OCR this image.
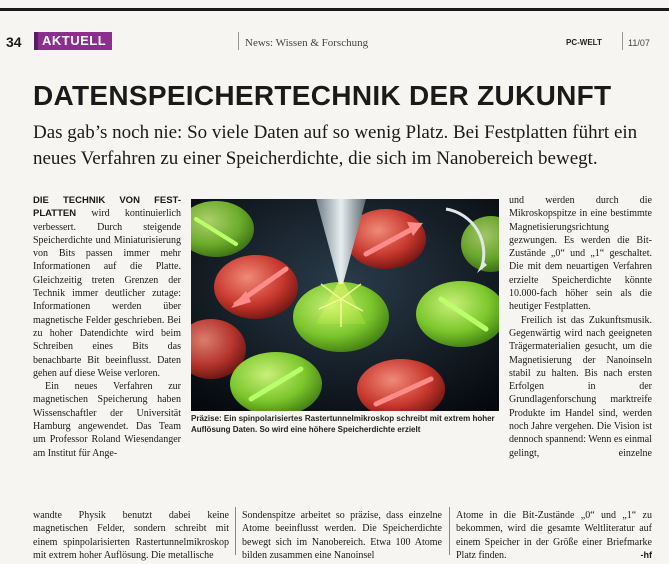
34	AKTUELL	News: Wissen & Forschung	PC-WELT	11/07
DATENSPEICHERTECHNIK DER ZUKUNFT
Das gab’s noch nie: So viele Daten auf so wenig Platz. Bei Festplatten führt ein neues Verfahren zu einer Speicherdichte, die sich im Nanobereich bewegt.

DIE TECHNIK VON FEST-PLATTEN wird kontinuierlich verbessert. Durch steigende Speicherdichte und Miniaturisierung von Bits passen immer mehr Informationen auf die Platte. Gleichzeitig treten Grenzen der Technik immer deutlicher zutage: Informationen werden über magnetische Felder geschrieben. Bei zu hoher Datendichte wird beim Schreiben eines Bits das benachbarte Bit beeinflusst. Daten gehen auf diese Weise verloren.

Ein neues Verfahren zur magnetischen Speicherung haben Wissenschaftler der Universität Hamburg angewendet. Das Team um Professor Roland Wiesendanger am Institut für Ange-

Präzise: Ein spinpolarisiertes Rastertunnelmikroskop schreibt mit extrem hoher Auflösung Daten. So wird eine höhere Speicherdichte erzielt

und werden durch die Mikroskopspitze in eine bestimmte Magnetisierungsrichtung gezwungen. Es werden die Bit-Zustände „0“ und „1“ geschaltet. Die mit dem neuartigen Verfahren erzielte Speicherdichte könnte 10.000-fach höher sein als die heutiger Festplatten.

Freilich ist das Zukunftsmusik. Gegenwärtig wird nach geeigneten Trägermaterialien gesucht, um die Magnetisierung der Nanoinseln stabil zu halten. Bis nach ersten Erfolgen in der Grundlagenforschung marktreife Produkte im Handel sind, werden noch Jahre vergehen. Die Vision ist dennoch spannend: Wenn es einmal gelingt, einzelne

wandte Physik benutzt dabei keine magnetischen Felder, sondern schreibt mit einem spinpolarisierten Rastertunnelmikroskop mit extrem hoher Auflösung. Die metallische
Sondenspitze arbeitet so präzise, dass einzelne Atome beeinflusst werden. Die Speicherdichte bewegt sich im Nanobereich. Etwa 100 Atome bilden zusammen eine Nanoinsel
Atome in die Bit-Zustände „0“ und „1“ zu bekommen, wird die gesamte Weltliteratur auf einem Speicher in der Größe einer Briefmarke Platz finden.	-hf
